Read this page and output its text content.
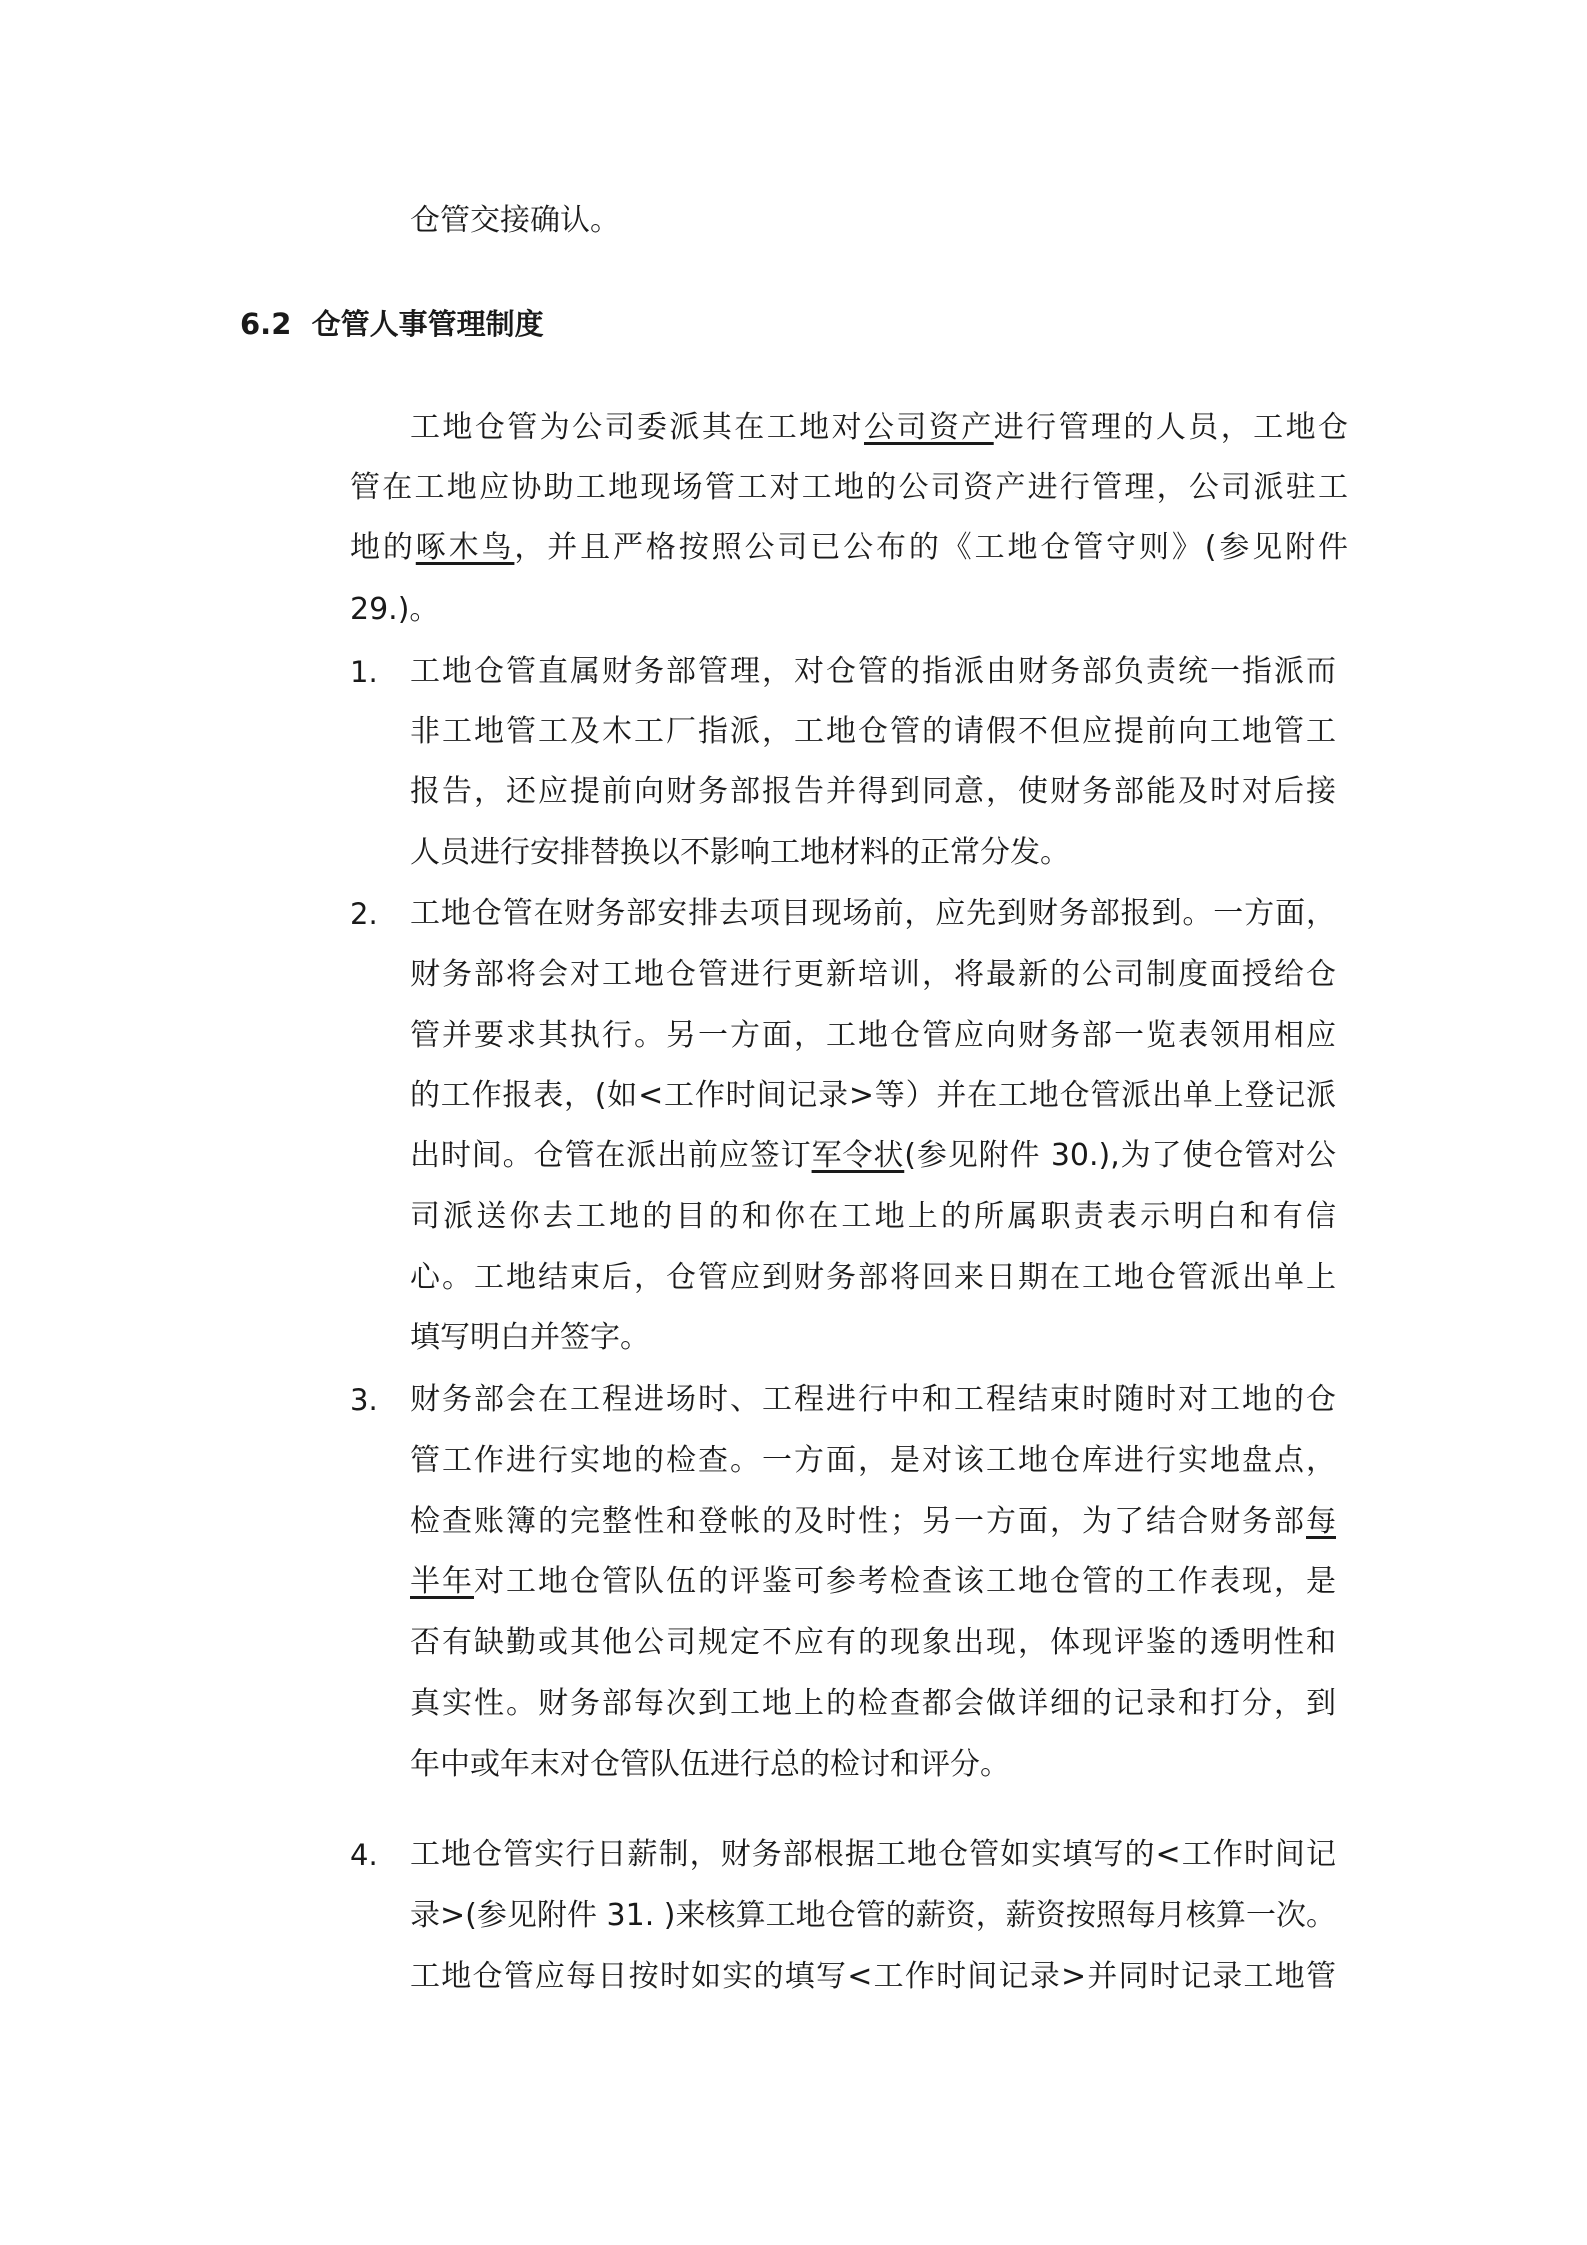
仓管交接确认。
6.2 仓管人事管理制度
工地仓管为公司委派其在工地对公司资产进行管理的人员，工地仓
管在工地应协助工地现场管工对工地的公司资产进行管理，公司派驻工
地的啄木鸟，并且严格按照公司已公布的《工地仓管守则》(参见附件
29.)。
1. 工地仓管直属财务部管理，对仓管的指派由财务部负责统一指派而
非工地管工及木工厂指派，工地仓管的请假不但应提前向工地管工
报告，还应提前向财务部报告并得到同意，使财务部能及时对后接
人员进行安排替换以不影响工地材料的正常分发。
2. 工地仓管在财务部安排去项目现场前，应先到财务部报到。一方面，
财务部将会对工地仓管进行更新培训，将最新的公司制度面授给仓
管并要求其执行。另一方面，工地仓管应向财务部一览表领用相应
的工作报表，(如<工作时间记录>等）并在工地仓管派出单上登记派
出时间。仓管在派出前应签订军令状(参见附件 30.),为了使仓管对公
司派送你去工地的目的和你在工地上的所属职责表示明白和有信
心。工地结束后，仓管应到财务部将回来日期在工地仓管派出单上
填写明白并签字。
3. 财务部会在工程进场时、工程进行中和工程结束时随时对工地的仓
管工作进行实地的检查。一方面，是对该工地仓库进行实地盘点，
检查账簿的完整性和登帐的及时性；另一方面，为了结合财务部每
半年对工地仓管队伍的评鉴可参考检查该工地仓管的工作表现，是
否有缺勤或其他公司规定不应有的现象出现，体现评鉴的透明性和
真实性。财务部每次到工地上的检查都会做详细的记录和打分，到
年中或年末对仓管队伍进行总的检讨和评分。
4. 工地仓管实行日薪制，财务部根据工地仓管如实填写的<工作时间记
录>(参见附件 31. )来核算工地仓管的薪资，薪资按照每月核算一次。
工地仓管应每日按时如实的填写<工作时间记录>并同时记录工地管
